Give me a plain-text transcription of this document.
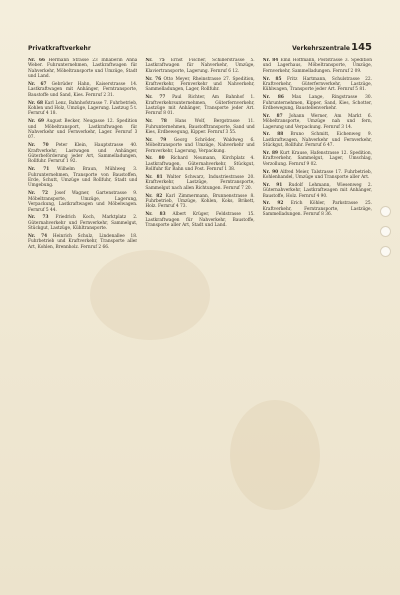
Privatkraftverkehr	Verkehrszentrale 145

Nr. 66 Hermann Strasse 23 Inhaberin Anna Weber. Fuhrunternehmen, Lastkraftwagen für Nahverkehr, Möbeltransporte und Umzüge, Stadt und Land.

Nr. 67 Gebrüder Hahn, Kaiserstrasse 14. Lastkraftwagen mit Anhänger, Ferntransporte, Baustoffe und Sand, Kies. Fernruf 2 31.

Nr. 68 Karl Lenz, Bahnhofstrasse 7. Fuhrbetrieb, Kohlen und Holz, Umzüge, Lagerung. Lastzug 5 t. Fernruf 4 18.

Nr. 69 August Becker, Neugasse 12. Spedition und Möbeltransport, Lastkraftwagen für Nahverkehr und Fernverkehr, Lager. Fernruf 3 07.

Nr. 70 Peter Klein, Hauptstrasse 40. Kraftverkehr, Lastwagen und Anhänger, Güterbeförderung jeder Art, Sammelladungen, Rollfuhr. Fernruf 1 92.

Nr. 71 Wilhelm Braun, Mühlweg 3. Fuhrunternehmen, Transporte von Baustoffen, Erde, Schutt, Umzüge und Rollfuhr, Stadt und Umgebung.

Nr. 72 Josef Wagner, Gartenstrasse 9. Möbeltransporte, Umzüge, Lagerung, Verpackung, Lastkraftwagen und Möbelwagen. Fernruf 5 44.

Nr. 73 Friedrich Koch, Marktplatz 2. Güternahverkehr und Fernverkehr, Sammelgut, Stückgut, Lastzüge, Kühltransporte.

Nr. 74 Heinrich Schulz, Lindenallee 18. Fuhrbetrieb und Kraftverkehr, Transporte aller Art, Kohlen, Brennholz. Fernruf 2 66.

Nr. 75 Ernst Fischer, Schillerstrasse 5. Lastkraftwagen für Nahverkehr, Umzüge, Klaviertransporte, Lagerung. Fernruf 6 12.

Nr. 76 Otto Meyer, Rheinstrasse 27. Spedition, Kraftverkehr, Fernverkehr und Nahverkehr, Sammelladungen, Lager, Rollfuhr.

Nr. 77 Paul Richter, Am Bahnhof 1. Kraftverkehrsunternehmen, Güterfernverkehr, Lastzüge mit Anhänger, Transporte jeder Art. Fernruf 8 01.

Nr. 78 Hans Wolf, Bergstrasse 11. Fuhrunternehmen, Baustofftransporte, Sand und Kies, Erdbewegung, Kipper. Fernruf 3 55.

Nr. 79 Georg Schröder, Waldweg 6. Möbeltransporte und Umzüge, Nahverkehr und Fernverkehr, Lagerung, Verpackung.

Nr. 80 Richard Neumann, Kirchplatz 4. Lastkraftwagen, Güternahverkehr, Stückgut, Rollfuhr für Bahn und Post. Fernruf 1 38.

Nr. 81 Walter Schwarz, Industriestrasse 20. Kraftverkehr, Lastzüge, Ferntransporte, Sammelgut nach allen Richtungen. Fernruf 7 20.

Nr. 82 Karl Zimmermann, Brunnenstrasse 8. Fuhrbetrieb, Umzüge, Kohlen, Koks, Brikett, Holz. Fernruf 4 73.

Nr. 83 Albert Krüger, Feldstrasse 15. Lastkraftwagen für Nahverkehr, Baustoffe, Transporte aller Art, Stadt und Land.

Nr. 84 Emil Hoffmann, Poststrasse 3. Spedition und Lagerhaus, Möbeltransporte, Umzüge, Fernverkehr, Sammelladungen. Fernruf 2 09.

Nr. 85 Fritz Hartmann, Schulstrasse 22. Kraftverkehr, Güterfernverkehr, Lastzüge, Kühlwagen, Transporte jeder Art. Fernruf 5 81.

Nr. 86 Max Lange, Ringstrasse 30. Fuhrunternehmen, Kipper, Sand, Kies, Schotter, Erdbewegung, Baustellenverkehr.

Nr. 87 Johann Werner, Am Markt 6. Möbeltransporte, Umzüge nah und fern, Lagerung und Verpackung. Fernruf 3 14.

Nr. 88 Bruno Schmitt, Eichenweg 9. Lastkraftwagen, Nahverkehr und Fernverkehr, Stückgut, Rollfuhr. Fernruf 6 47.

Nr. 89 Kurt Krause, Hafenstrasse 12. Spedition, Kraftverkehr, Sammelgut, Lager, Umschlag, Verzollung. Fernruf 9 02.

Nr. 90 Alfred Meier, Talstrasse 17. Fuhrbetrieb, Kohlenhandel, Umzüge und Transporte aller Art.

Nr. 91 Rudolf Lehmann, Wiesenweg 2. Güternahverkehr, Lastkraftwagen mit Anhänger, Baustoffe, Holz. Fernruf 4 90.

Nr. 92 Erich Köhler, Parkstrasse 25. Kraftverkehr, Ferntransporte, Lastzüge, Sammelladungen. Fernruf 8 36.
